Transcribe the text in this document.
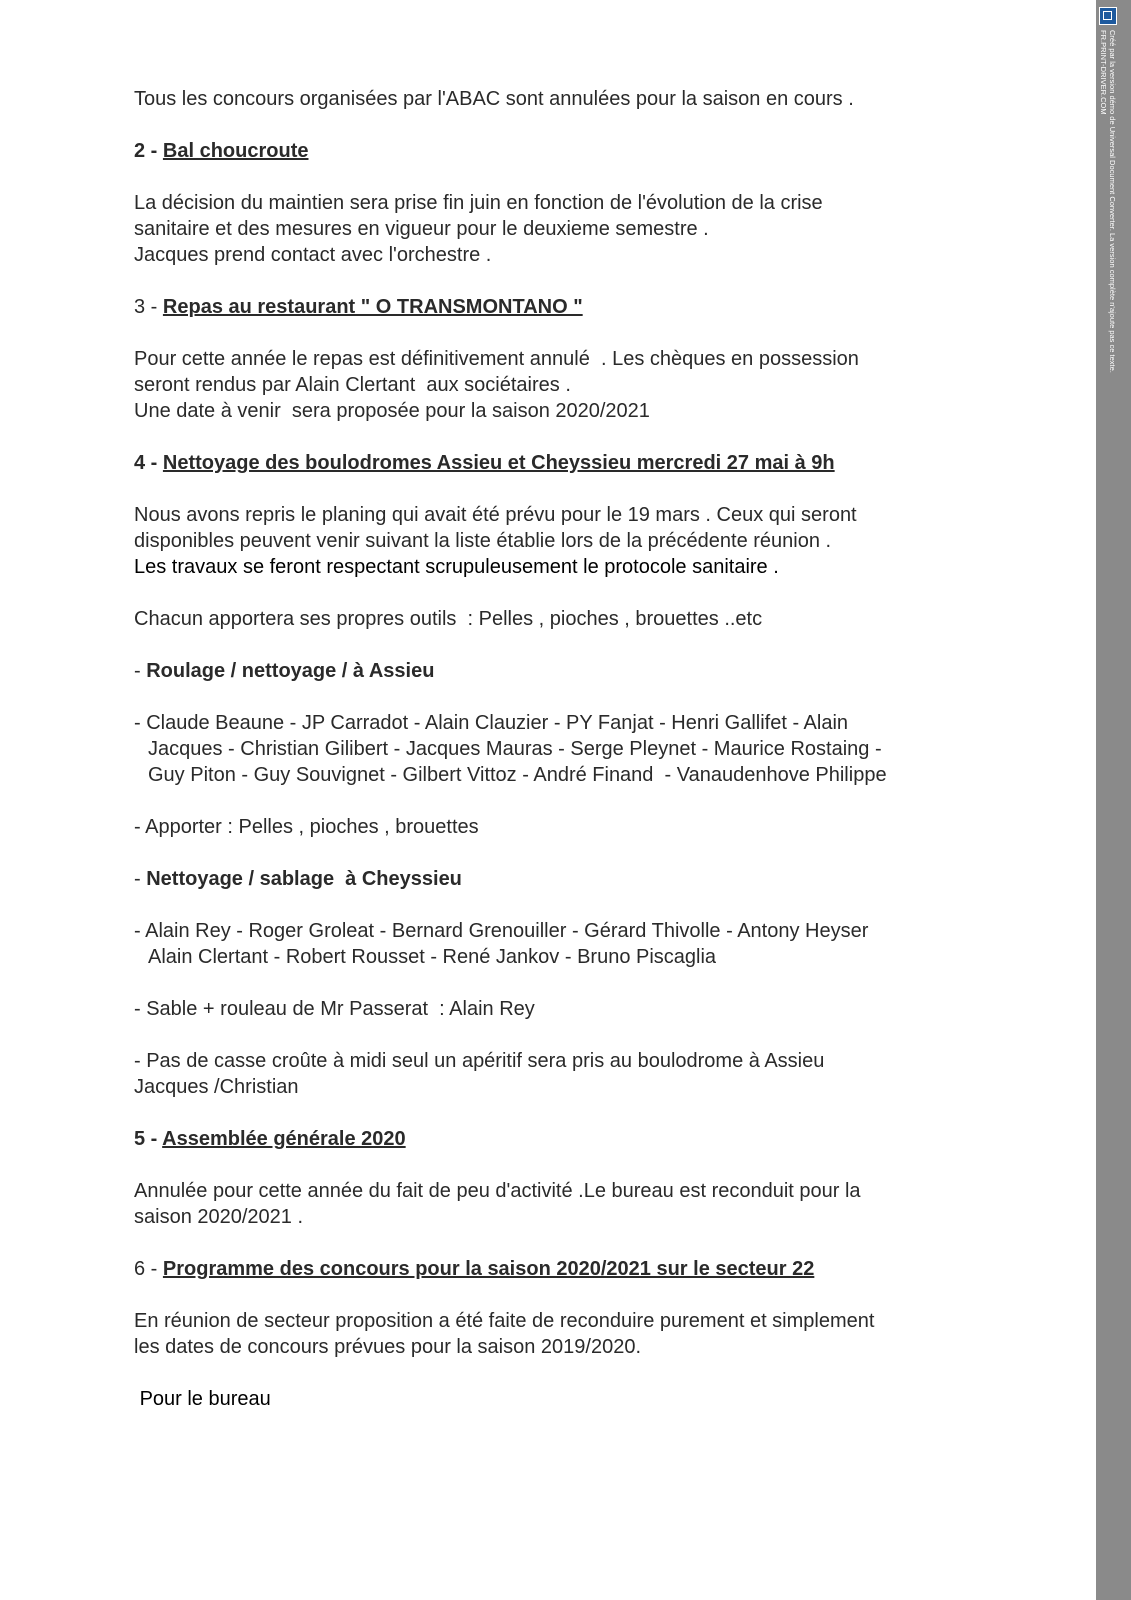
Tous les concours organisées par l'ABAC sont annulées pour la saison en cours .

2 - Bal choucroute

La décision du maintien sera prise fin juin en fonction de l'évolution de la crise

sanitaire et des mesures en vigueur pour le deuxieme semestre .

Jacques prend contact avec l'orchestre .

3 - Repas au restaurant " O TRANSMONTANO "

Pour cette année le repas est définitivement annulé  . Les chèques en possession

seront rendus par Alain Clertant  aux sociétaires .

Une date à venir  sera proposée pour la saison 2020/2021

4 - Nettoyage des boulodromes Assieu et Cheyssieu mercredi 27 mai à 9h

Nous avons repris le planing qui avait été prévu pour le 19 mars . Ceux qui seront

disponibles peuvent venir suivant la liste établie lors de la précédente réunion .

Les travaux se feront respectant scrupuleusement le protocole sanitaire .

Chacun apportera ses propres outils  : Pelles , pioches , brouettes ..etc

- Roulage / nettoyage / à Assieu

- Claude Beaune - JP Carradot - Alain Clauzier - PY Fanjat - Henri Gallifet - Alain

Jacques - Christian Gilibert - Jacques Mauras - Serge Pleynet - Maurice Rostaing -

Guy Piton - Guy Souvignet - Gilbert Vittoz - André Finand  - Vanaudenhove Philippe

- Apporter : Pelles , pioches , brouettes

- Nettoyage / sablage  à Cheyssieu

- Alain Rey - Roger Groleat - Bernard Grenouiller - Gérard Thivolle - Antony Heyser

Alain Clertant - Robert Rousset - René Jankov - Bruno Piscaglia

- Sable + rouleau de Mr Passerat  : Alain Rey

- Pas de casse croûte à midi seul un apéritif sera pris au boulodrome à Assieu

Jacques /Christian

5 - Assemblée générale 2020

Annulée pour cette année du fait de peu d'activité .Le bureau est reconduit pour la

saison 2020/2021 .

6 - Programme des concours pour la saison 2020/2021 sur le secteur 22

En réunion de secteur proposition a été faite de reconduire purement et simplement

les dates de concours prévues pour la saison 2019/2020.

Pour le bureau

Créé par la version démo de Universal Document Converter. La version complète n'ajoute pas ce texte.
FR.PRINT-DRIVER.COM
